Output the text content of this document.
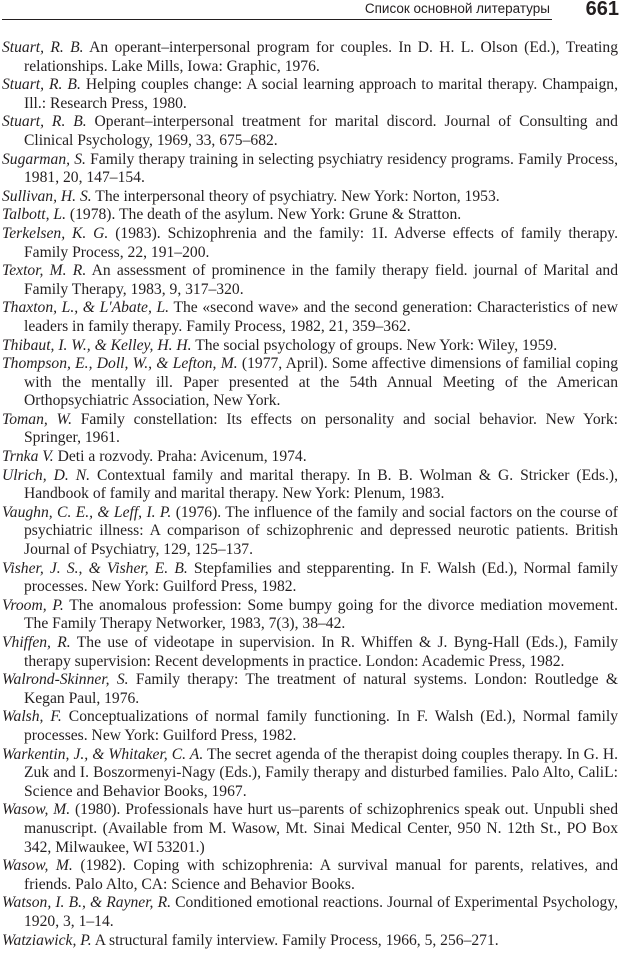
Список основной литературы 661
Stuart, R. B. An operant–interpersonal program for couples. In D. H. L. Olson (Ed.), Treating relationships. Lake Mills, Iowa: Graphic, 1976.
Stuart, R. B. Helping couples change: A social learning approach to marital therapy. Champaign, Ill.: Research Press, 1980.
Stuart, R. B. Operant–interpersonal treatment for marital discord. Journal of Consulting and Clinical Psychology, 1969, 33, 675–682.
Sugarman, S. Family therapy training in selecting psychiatry residency programs. Family Process, 1981, 20, 147–154.
Sullivan, H. S. The interpersonal theory of psychiatry. New York: Norton, 1953.
Talbott, L. (1978). The death of the asylum. New York: Grune & Stratton.
Terkelsen, K. G. (1983). Schizophrenia and the family: 1I. Adverse effects of family therapy. Family Process, 22, 191–200.
Textor, M. R. An assessment of prominence in the family therapy field. journal of Marital and Family Therapy, 1983, 9, 317–320.
Thaxton, L., & L'Abate, L. The «second wave» and the second generation: Characteristics of new leaders in family therapy. Family Process, 1982, 21, 359–362.
Thibaut, I. W., & Kelley, H. H. The social psychology of groups. New York: Wiley, 1959.
Thompson, E., Doll, W., & Lefton, M. (1977, April). Some affective dimensions of familial coping with the mentally ill. Paper presented at the 54th Annual Meeting of the American Orthopsychiatric Association, New York.
Toman, W. Family constellation: Its effects on personality and social behavior. New York: Springer, 1961.
Trnka V. Deti a rozvody. Praha: Avicenum, 1974.
Ulrich, D. N. Contextual family and marital therapy. In B. B. Wolman & G. Stricker (Eds.), Handbook of family and marital therapy. New York: Plenum, 1983.
Vaughn, C. E., & Leff, I. P. (1976). The influence of the family and social factors on the course of psychiatric illness: A comparison of schizophrenic and depressed neurotic patients. British Journal of Psychiatry, 129, 125–137.
Visher, J. S., & Visher, E. B. Stepfamilies and stepparenting. In F. Walsh (Ed.), Normal family processes. New York: Guilford Press, 1982.
Vroom, P. The anomalous profession: Some bumpy going for the divorce mediation movement. The Family Therapy Networker, 1983, 7(3), 38–42.
Vhiffen, R. The use of videotape in supervision. In R. Whiffen & J. Byng-Hall (Eds.), Family therapy supervision: Recent developments in practice. London: Academic Press, 1982.
Walrond-Skinner, S. Family therapy: The treatment of natural systems. London: Routledge & Kegan Paul, 1976.
Walsh, F. Conceptualizations of normal family functioning. In F. Walsh (Ed.), Normal family processes. New York: Guilford Press, 1982.
Warkentin, J., & Whitaker, C. A. The secret agenda of the therapist doing couples therapy. In G. H. Zuk and I. Boszormenyi-Nagy (Eds.), Family therapy and disturbed families. Palo Alto, CaliL: Science and Behavior Books, 1967.
Wasow, M. (1980). Professionals have hurt us–parents of schizophrenics speak out. Unpubli shed manuscript. (Available from M. Wasow, Mt. Sinai Medical Center, 950 N. 12th St., PO Box 342, Milwaukee, WI 53201.)
Wasow, M. (1982). Coping with schizophrenia: A survival manual for parents, relatives, and friends. Palo Alto, CA: Science and Behavior Books.
Watson, I. B., & Rayner, R. Conditioned emotional reactions. Journal of Experimental Psychology, 1920, 3, 1–14.
Watziawick, P. A structural family interview. Family Process, 1966, 5, 256–271.
